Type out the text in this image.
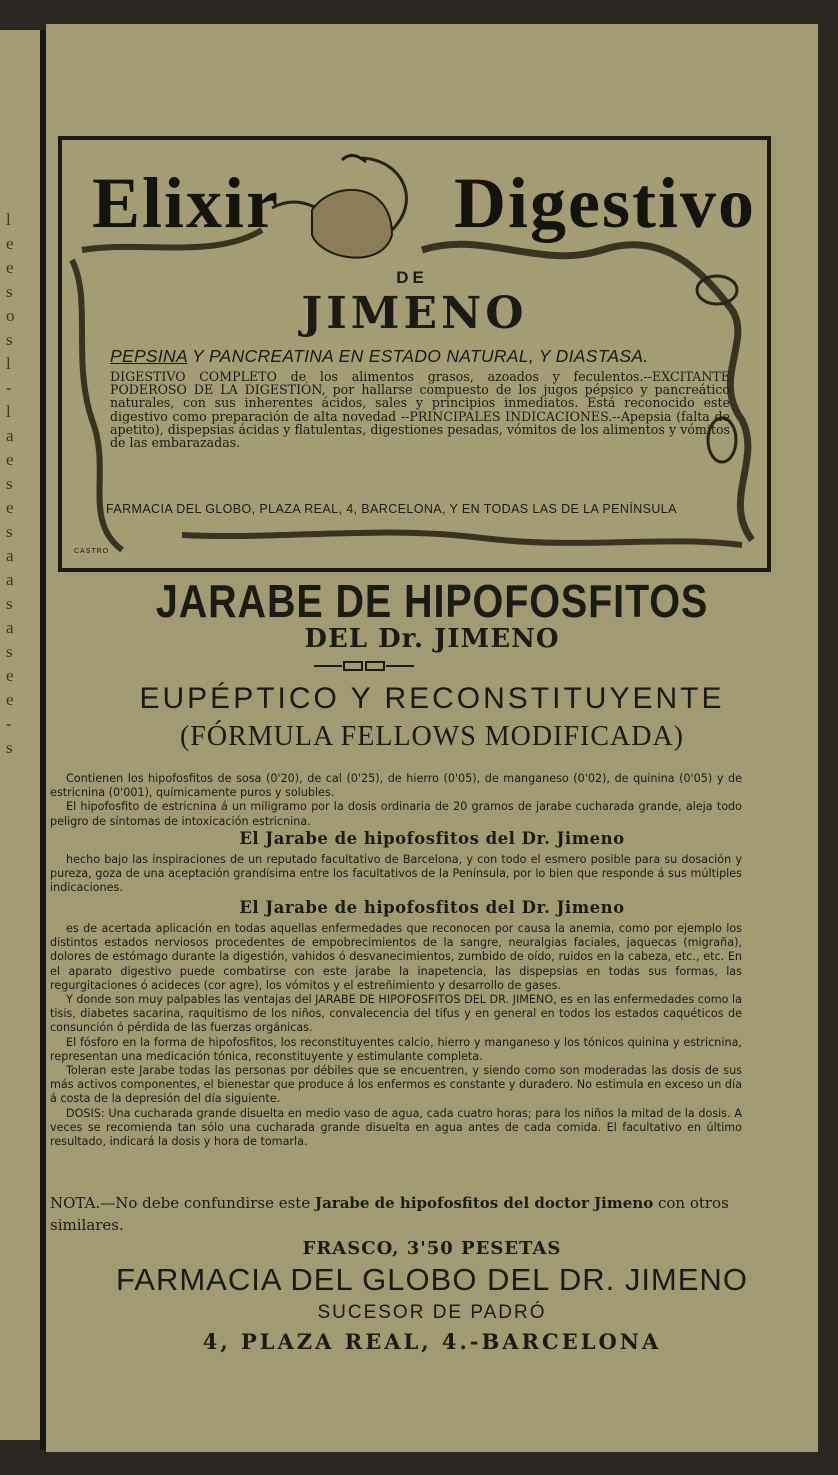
l
e
e
s
o
s
l
-
l
a
e
s
e
s
a
a
s
a
s
e
e
-
s
Elixir Digestivo
DE
JIMENO
PEPSINA Y PANCREATINA EN ESTADO NATURAL, Y DIASTASA.
DIGESTIVO COMPLETO de los alimentos grasos, azoados y feculentos.--EXCITANTE PODEROSO DE LA DIGESTIÓN, por hallarse compuesto de los jugos pépsico y pancreático naturales, con sus inherentes ácidos, sales y principios inmediatos. Está reconocido este digestivo como preparación de alta novedad --PRINCIPALES INDICACIONES.--Apepsia (falta de apetito), dispepsias ácidas y flatulentas, digestiones pesadas, vómitos de los alimentos y vómitos de las embarazadas.
FARMACIA DEL GLOBO, PLAZA REAL, 4, BARCELONA, Y EN TODAS LAS DE LA PENÍNSULA
CASTRO
JARABE DE HIPOFOSFITOS
DEL Dr. JIMENO
EUPÉPTICO Y RECONSTITUYENTE
(FÓRMULA FELLOWS MODIFICADA)

Contienen los hipofosfitos de sosa (0'20), de cal (0'25), de hierro (0'05), de manganeso (0'02), de quinina (0'05) y de estricnina (0'001), químicamente puros y solubles.

El hipofosfito de estricnina á un miligramo por la dosis ordinaria de 20 gramos de jarabe cucharada grande, aleja todo peligro de síntomas de intoxicación estricnina.

El Jarabe de hipofosfitos del Dr. Jimeno

hecho bajo las inspiraciones de un reputado facultativo de Barcelona, y con todo el esmero posible para su dosación y pureza, goza de una aceptación grandísima entre los facultativos de la Península, por lo bien que responde á sus múltiples indicaciones.

El Jarabe de hipofosfitos del Dr. Jimeno

es de acertada aplicación en todas aquellas enfermedades que reconocen por causa la anemia, como por ejemplo los distintos estados nerviosos procedentes de empobrecimientos de la sangre, neuralgias faciales, jaquecas (migraña), dolores de estómago durante la digestión, vahidos ó desvanecimientos, zumbido de oído, ruidos en la cabeza, etc., etc. En el aparato digestivo puede combatirse con este jarabe la inapetencia, las dispepsias en todas sus formas, las regurgitaciones ó acideces (cor agre), los vómitos y el estreñimiento y desarrollo de gases.

Y donde son muy palpables las ventajas del JARABE DE HIPOFOSFITOS DEL DR. JIMENO, es en las enfermedades como la tisis, diabetes sacarina, raquitismo de los niños, convalecencia del tifus y en general en todos los estados caquéticos de consunción ó pérdida de las fuerzas orgánicas.

El fósforo en la forma de hipofosfitos, los reconstituyentes calcio, hierro y manganeso y los tónicos quinina y estricnina, representan una medicación tónica, reconstituyente y estimulante completa.

Toleran este Jarabe todas las personas por débiles que se encuentren, y siendo como son moderadas las dosis de sus más activos componentes, el bienestar que produce á los enfermos es constante y duradero. No estimula en exceso un día á costa de la depresión del día siguiente.

DOSIS: Una cucharada grande disuelta en medio vaso de agua, cada cuatro horas; para los niños la mitad de la dosis. A veces se recomienda tan sólo una cucharada grande disuelta en agua antes de cada comida. El facultativo en último resultado, indicará la dosis y hora de tomarla.

NOTA.—No debe confundirse este Jarabe de hipofosfitos del doctor Jimeno con otros similares.
FRASCO, 3'50 PESETAS
FARMACIA DEL GLOBO DEL DR. JIMENO
SUCESOR DE PADRÓ
4, PLAZA REAL, 4.-BARCELONA
